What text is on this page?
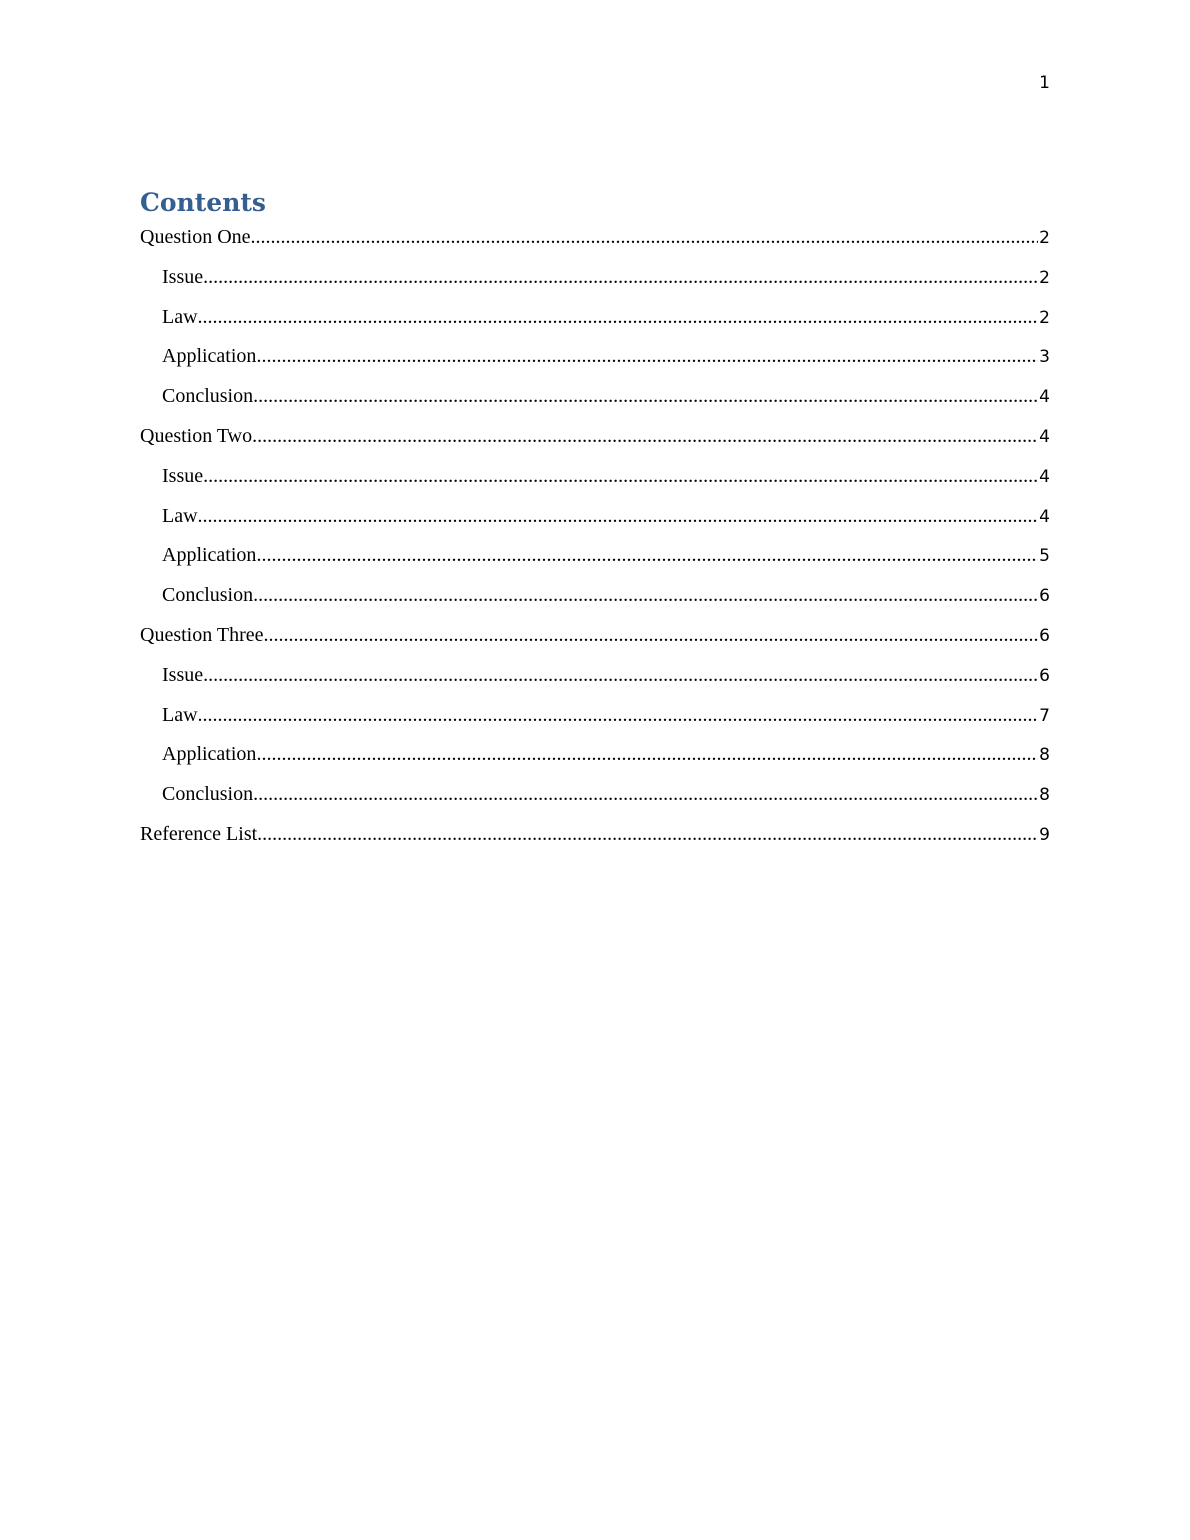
1
Contents
Question One .....	2
Issue .....	2
Law .....	2
Application .....	3
Conclusion .....	4
Question Two .....	4
Issue .....	4
Law .....	4
Application .....	5
Conclusion .....	6
Question Three .....	6
Issue .....	6
Law .....	7
Application .....	8
Conclusion .....	8
Reference List .....	9
